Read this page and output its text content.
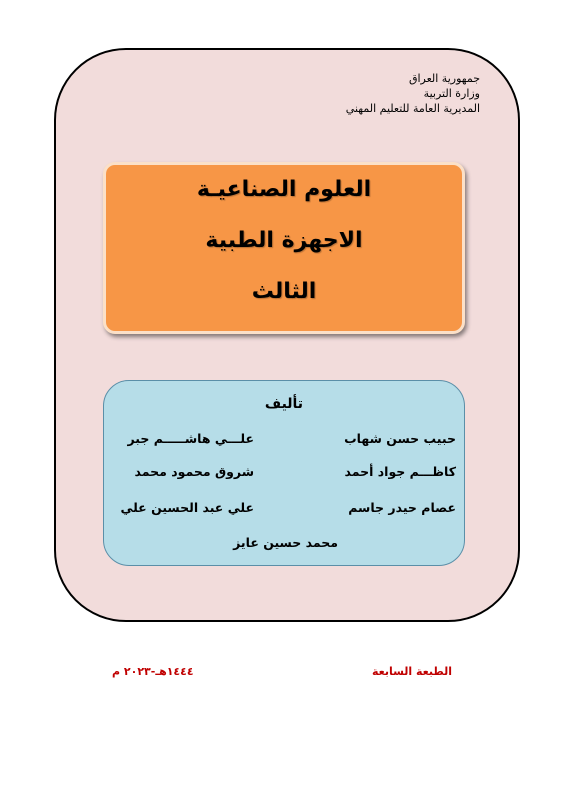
جمهورية العراق
وزارة التربية
المديرية العامة للتعليم المهني
العلوم الصناعيـة
الاجهزة الطبية
الثالث
تأليف
حبيب حسن شهاب
علـــي هاشـــــم جبر
كاظـــم جواد أحمد
شروق محمود محمد
عصام حيدر جاسم
علي عبد الحسين علي
محمد حسين عايز
الطبعة السابعة
١٤٤٤هـ-٢٠٢٣ م
